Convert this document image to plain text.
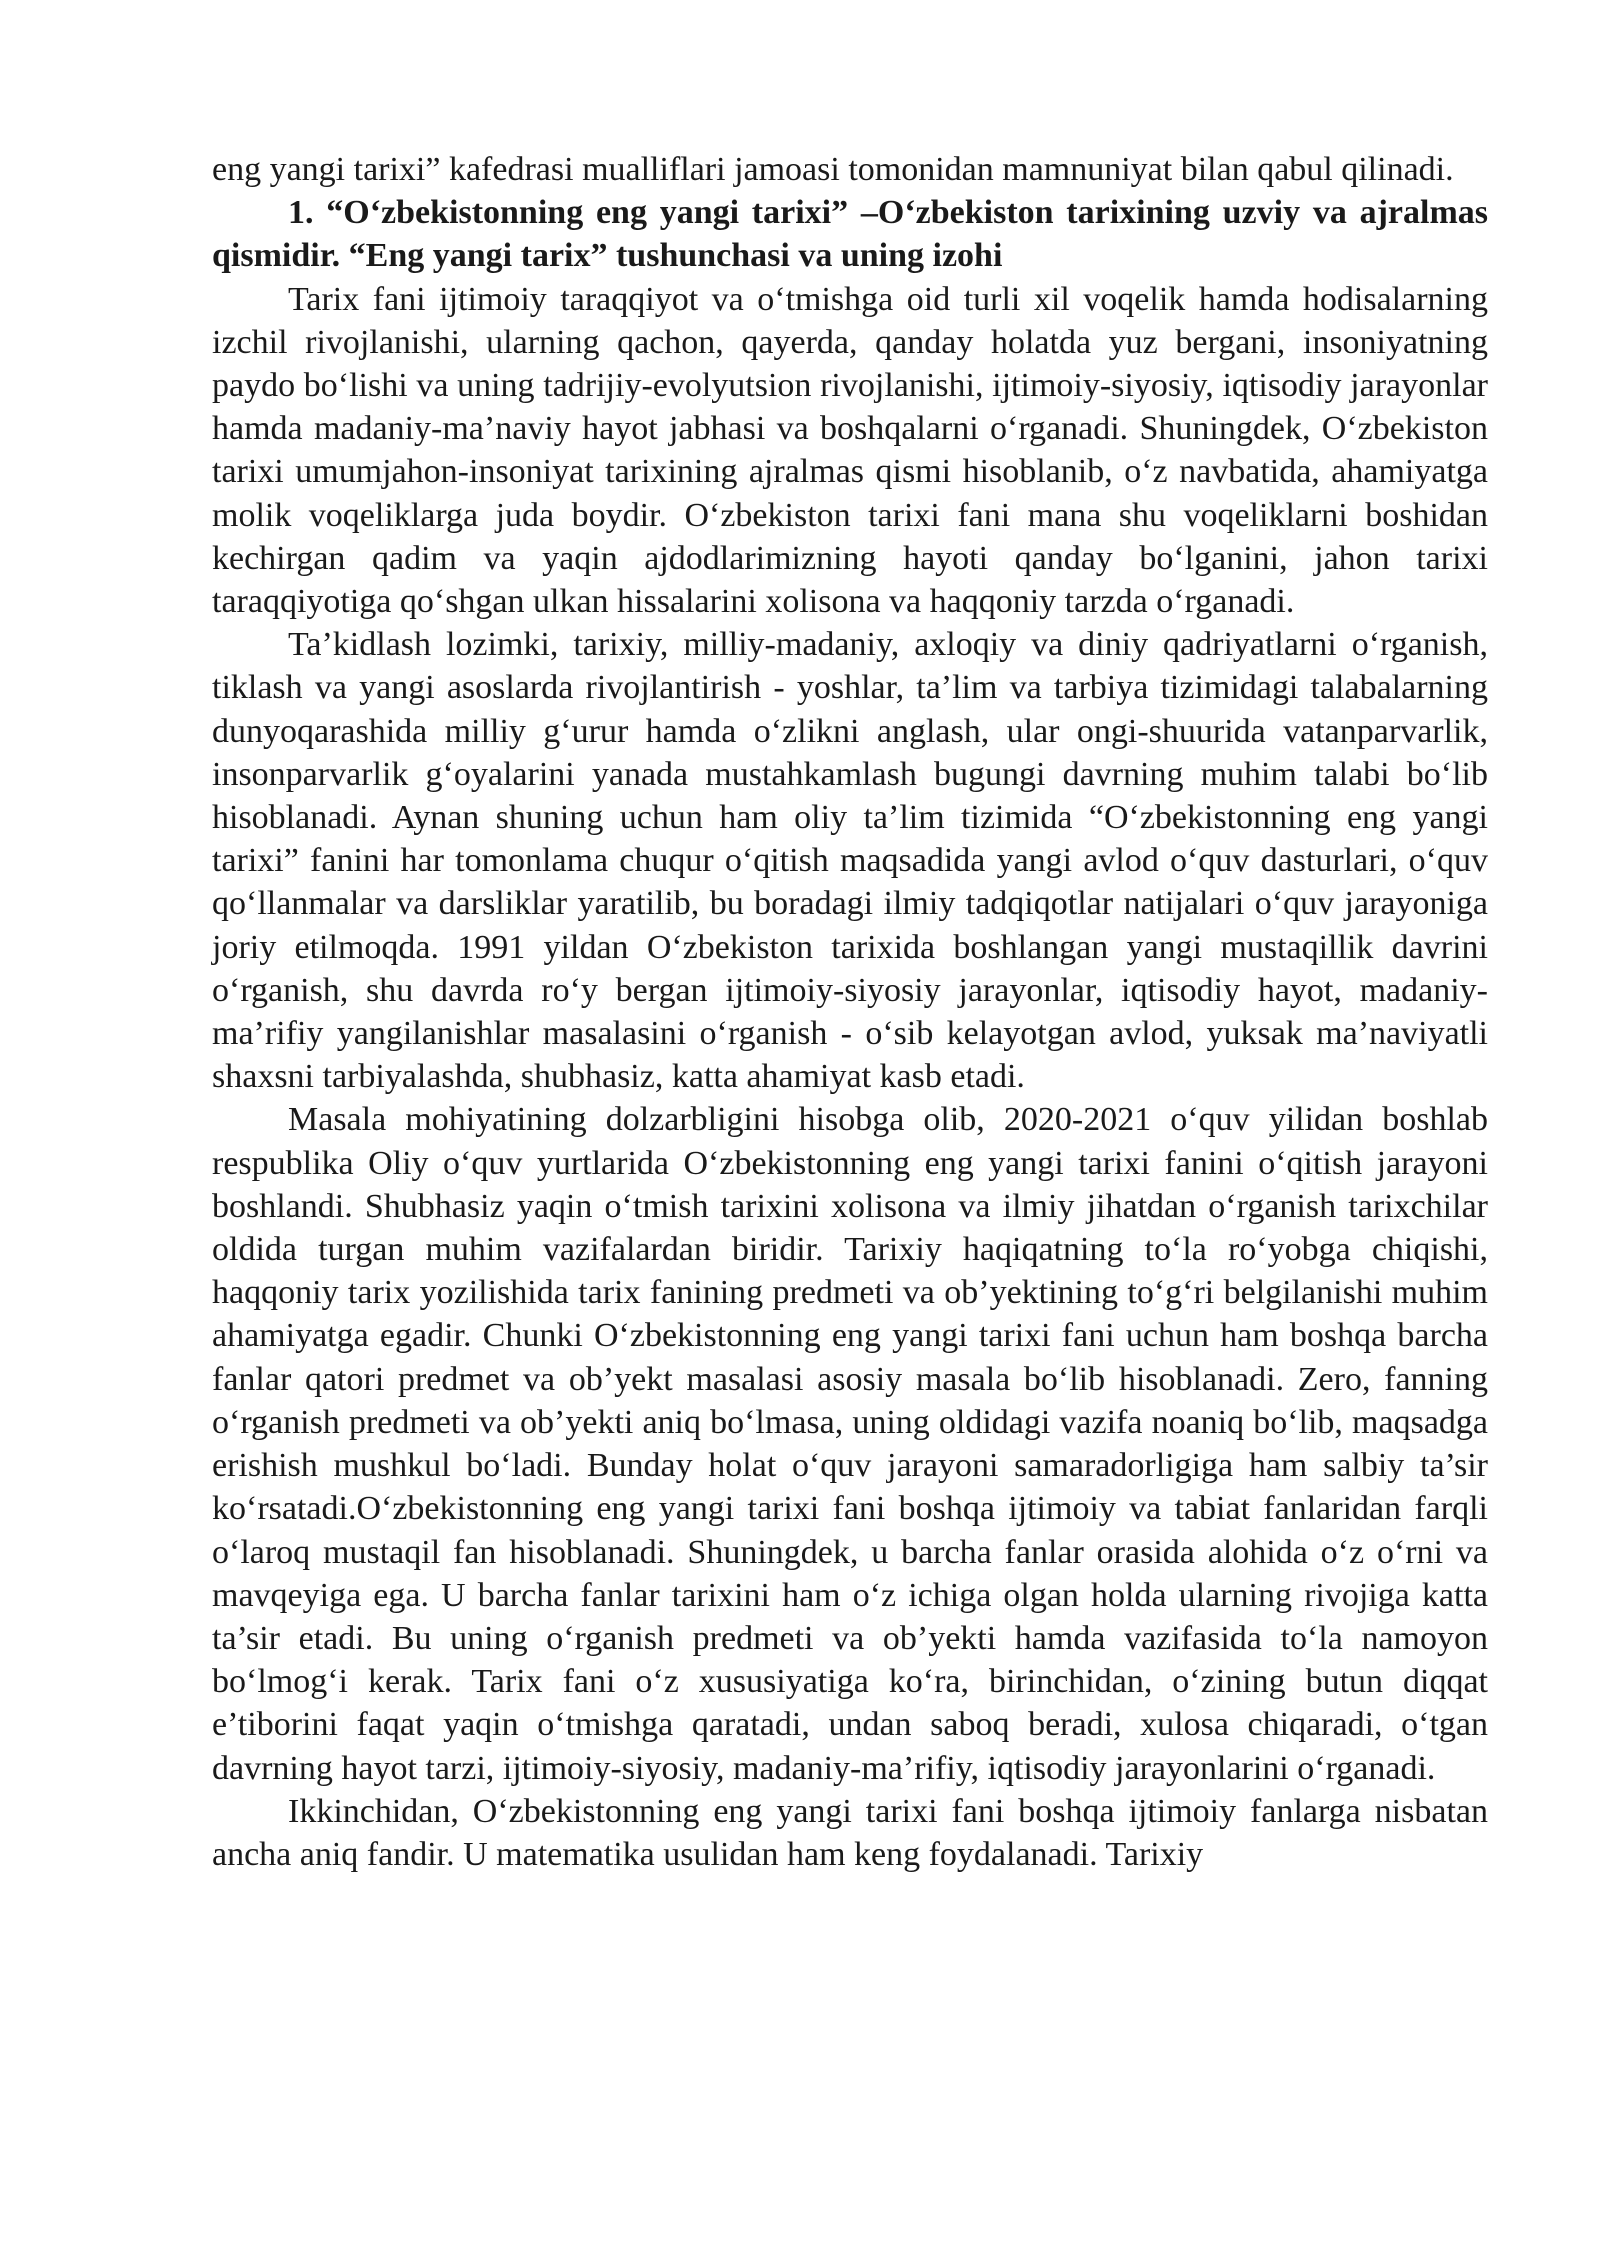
eng yangi tarixi” kafedrasi mualliflari jamoasi tomonidan mamnuniyat bilan qabul qilinadi.

1. “O‘zbekistonning eng yangi tarixi” –O‘zbekiston tarixining uzviy va ajralmas qismidir. “Eng yangi tarix” tushunchasi va uning izohi

Tarix fani ijtimoiy taraqqiyot va o‘tmishga oid turli xil voqelik hamda hodisalarning izchil rivojlanishi, ularning qachon, qayerda, qanday holatda yuz bergani, insoniyatning paydo bo‘lishi va uning tadrijiy-evolyutsion rivojlanishi, ijtimoiy-siyosiy, iqtisodiy jarayonlar hamda madaniy-ma’naviy hayot jabhasi va boshqalarni o‘rganadi. Shuningdek, O‘zbekiston tarixi umumjahon-insoniyat tarixining ajralmas qismi hisoblanib, o‘z navbatida, ahamiyatga molik voqeliklarga juda boydir. O‘zbekiston tarixi fani mana shu voqeliklarni boshidan kechirgan qadim va yaqin ajdodlarimizning hayoti qanday bo‘lganini, jahon tarixi taraqqiyotiga qo‘shgan ulkan hissalarini xolisona va haqqoniy tarzda o‘rganadi.

Ta’kidlash lozimki, tarixiy, milliy-madaniy, axloqiy va diniy qadriyatlarni o‘rganish, tiklash va yangi asoslarda rivojlantirish - yoshlar, ta’lim va tarbiya tizimidagi talabalarning dunyoqarashida milliy g‘urur hamda o‘zlikni anglash, ular ongi-shuurida vatanparvarlik, insonparvarlik g‘oyalarini yanada mustahkamlash bugungi davrning muhim talabi bo‘lib hisoblanadi. Aynan shuning uchun ham oliy ta’lim tizimida “O‘zbekistonning eng yangi tarixi” fanini har tomonlama chuqur o‘qitish maqsadida yangi avlod o‘quv dasturlari, o‘quv qo‘llanmalar va darsliklar yaratilib, bu boradagi ilmiy tadqiqotlar natijalari o‘quv jarayoniga joriy etilmoqda. 1991 yildan O‘zbekiston tarixida boshlangan yangi mustaqillik davrini o‘rganish, shu davrda ro‘y bergan ijtimoiy-siyosiy jarayonlar, iqtisodiy hayot, madaniy-ma’rifiy yangilanishlar masalasini o‘rganish - o‘sib kelayotgan avlod, yuksak ma’naviyatli shaxsni tarbiyalashda, shubhasiz, katta ahamiyat kasb etadi.

Masala mohiyatining dolzarbligini hisobga olib, 2020-2021 o‘quv yilidan boshlab respublika Oliy o‘quv yurtlarida O‘zbekistonning eng yangi tarixi fanini o‘qitish jarayoni boshlandi. Shubhasiz yaqin o‘tmish tarixini xolisona va ilmiy jihatdan o‘rganish tarixchilar oldida turgan muhim vazifalardan biridir. Tarixiy haqiqatning to‘la ro‘yobga chiqishi, haqqoniy tarix yozilishida tarix fanining predmeti va ob’yektining to‘g‘ri belgilanishi muhim ahamiyatga egadir. Chunki O‘zbekistonning eng yangi tarixi fani uchun ham boshqa barcha fanlar qatori predmet va ob’yekt masalasi asosiy masala bo‘lib hisoblanadi. Zero, fanning o‘rganish predmeti va ob’yekti aniq bo‘lmasa, uning oldidagi vazifa noaniq bo‘lib, maqsadga erishish mushkul bo‘ladi. Bunday holat o‘quv jarayoni samaradorligiga ham salbiy ta’sir ko‘rsatadi.O‘zbekistonning eng yangi tarixi fani boshqa ijtimoiy va tabiat fanlaridan farqli o‘laroq mustaqil fan hisoblanadi. Shuningdek, u barcha fanlar orasida alohida o‘z o‘rni va mavqeyiga ega. U barcha fanlar tarixini ham o‘z ichiga olgan holda ularning rivojiga katta ta’sir etadi. Bu uning o‘rganish predmeti va ob’yekti hamda vazifasida to‘la namoyon bo‘lmog‘i kerak. Tarix fani o‘z xususiyatiga ko‘ra, birinchidan, o‘zining butun diqqat e’tiborini faqat yaqin o‘tmishga qaratadi, undan saboq beradi, xulosa chiqaradi, o‘tgan davrning hayot tarzi, ijtimoiy-siyosiy, madaniy-ma’rifiy, iqtisodiy jarayonlarini o‘rganadi.

Ikkinchidan, O‘zbekistonning eng yangi tarixi fani boshqa ijtimoiy fanlarga nisbatan ancha aniq fandir. U matematika usulidan ham keng foydalanadi. Tarixiy
